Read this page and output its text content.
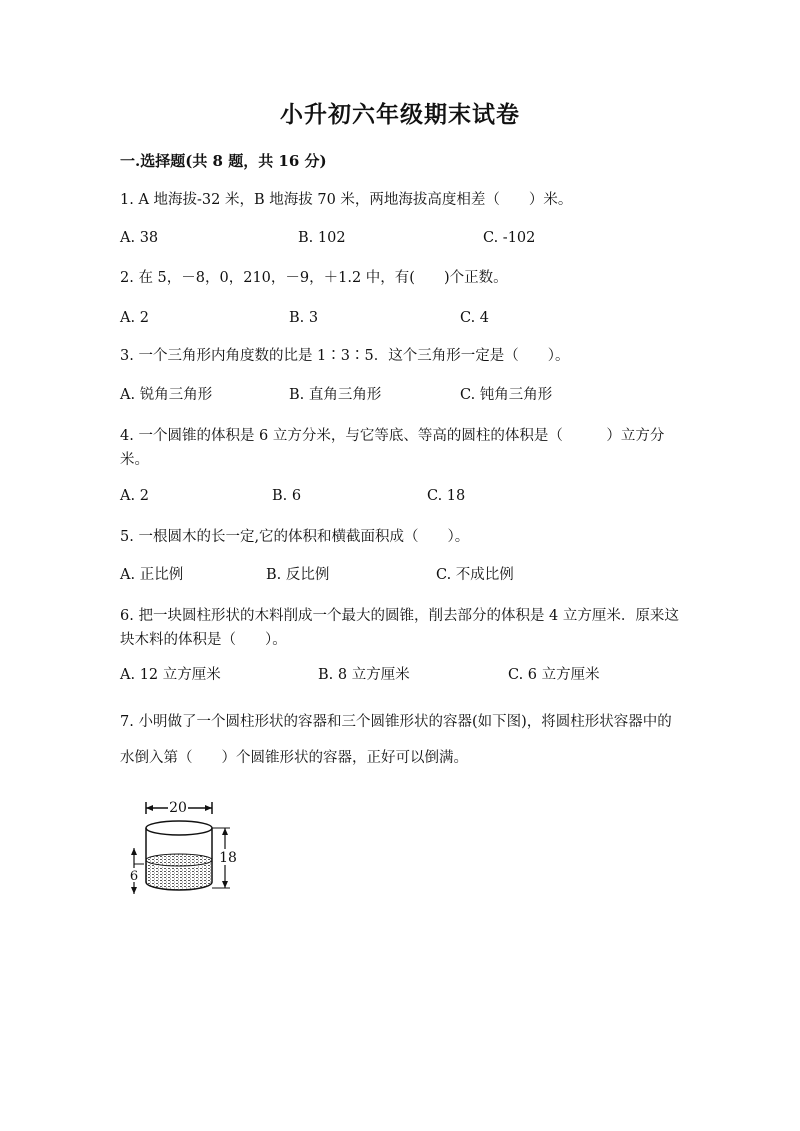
小升初六年级期末试卷
一.选择题(共 8 题，共 16 分)
1. A 地海拔-32 米，B 地海拔 70 米，两地海拔高度相差（　　）米。
A. 38	B. 102	C. -102
2. 在 5，－8，0，210，－9，＋1.2 中，有(　　)个正数。
A. 2	B. 3	C. 4
3. 一个三角形内角度数的比是 1∶3∶5．这个三角形一定是（　　）。
A. 锐角三角形	B. 直角三角形	C. 钝角三角形
4. 一个圆锥的体积是 6 立方分米，与它等底、等高的圆柱的体积是（　　　）立方分米。
A. 2	B. 6	C. 18
5. 一根圆木的长一定,它的体积和横截面积成（　　）。
A. 正比例	B. 反比例	C. 不成比例
6. 把一块圆柱形状的木料削成一个最大的圆锥，削去部分的体积是 4 立方厘米．原来这块木料的体积是（　　）。
A. 12 立方厘米	B. 8 立方厘米	C. 6 立方厘米
7. 小明做了一个圆柱形状的容器和三个圆锥形状的容器(如下图)，将圆柱形状容器中的水倒入第（　　）个圆锥形状的容器，正好可以倒满。
20
18
6
